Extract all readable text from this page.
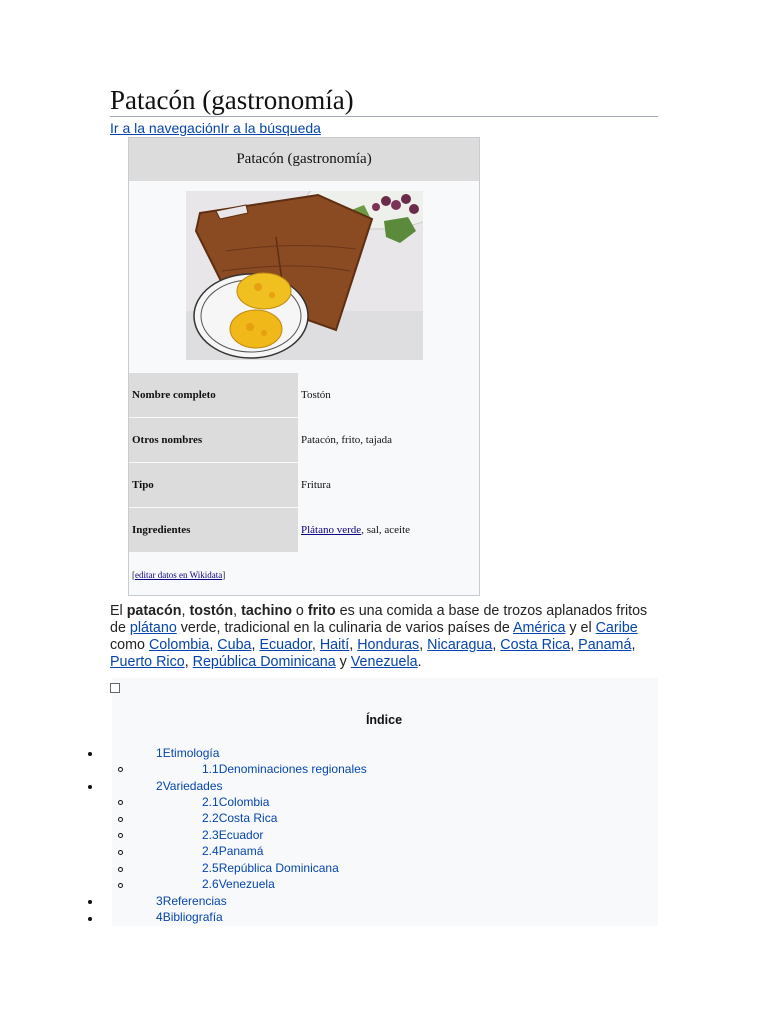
Patacón (gastronomía)
Ir a la navegaciónIr a la búsqueda
Patacón (gastronomía)
Nombre completo	Tostón
Otros nombres	Patacón, frito, tajada
Tipo	Fritura
Ingredientes	Plátano verde , sal, aceite
[editar datos en Wikidata]

El patacón, tostón, tachino o frito es una comida a base de trozos aplanados fritos de plátano verde, tradicional en la culinaria de varios países de América y el Caribe como Colombia, Cuba, Ecuador, Haití, Honduras, Nicaragua, Costa Rica, Panamá, Puerto Rico, República Dominicana y Venezuela.

Índice
1Etimología
1.1Denominaciones regionales
2Variedades
2.1Colombia
2.2Costa Rica
2.3Ecuador
2.4Panamá
2.5República Dominicana
2.6Venezuela
3Referencias
4Bibliografía
